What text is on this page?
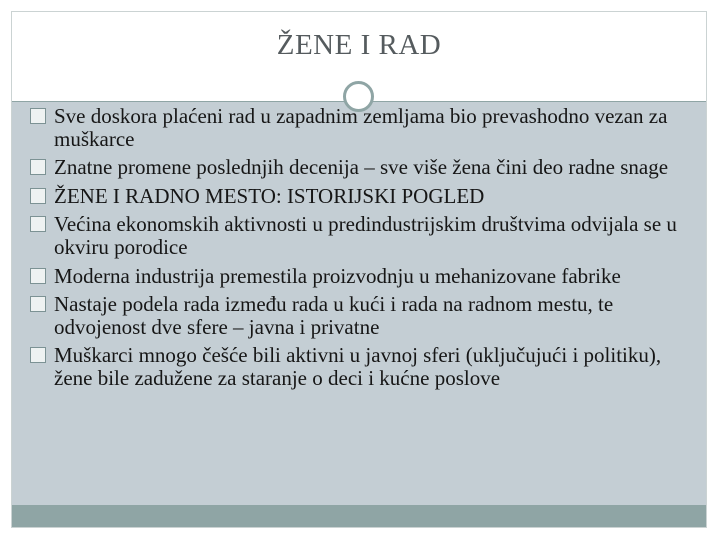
ŽENE I RAD
Sve doskora plaćeni rad u zapadnim zemljama bio prevashodno vezan za muškarce
Znatne promene poslednjih decenija – sve više žena čini deo radne snage
ŽENE I RADNO MESTO: ISTORIJSKI POGLED
Većina ekonomskih aktivnosti u predindustrijskim društvima odvijala se u okviru porodice
Moderna industrija premestila proizvodnju u mehanizovane fabrike
Nastaje podela rada između rada u kući i rada na radnom mestu, te odvojenost dve sfere – javna i privatne
Muškarci mnogo češće bili aktivni u javnoj sferi (uključujući i politiku), žene bile zadužene za staranje o deci i kućne poslove
